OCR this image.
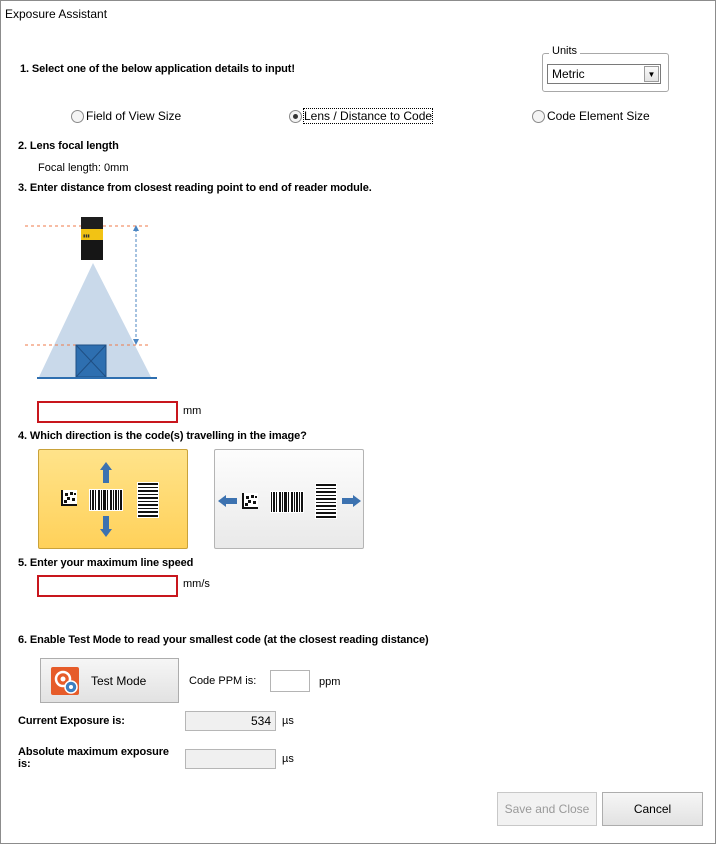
Exposure Assistant
1. Select one of the below application details to input!
Units
Metric	▼
Field of View Size	Lens / Distance to Code	Code Element Size
2. Lens focal length
Focal length: 0mm
3. Enter distance from closest reading point to end of reader module.
▮▮▮
mm
4. Which direction is the code(s) travelling in the image?
5. Enter your maximum line speed
mm/s
6. Enable Test Mode to read your smallest code (at the closest reading distance)
Test Mode	Code PPM is:	ppm
Current Exposure is:	534	µs
Absolute maximum exposure is:	µs
Save and Close	Cancel
